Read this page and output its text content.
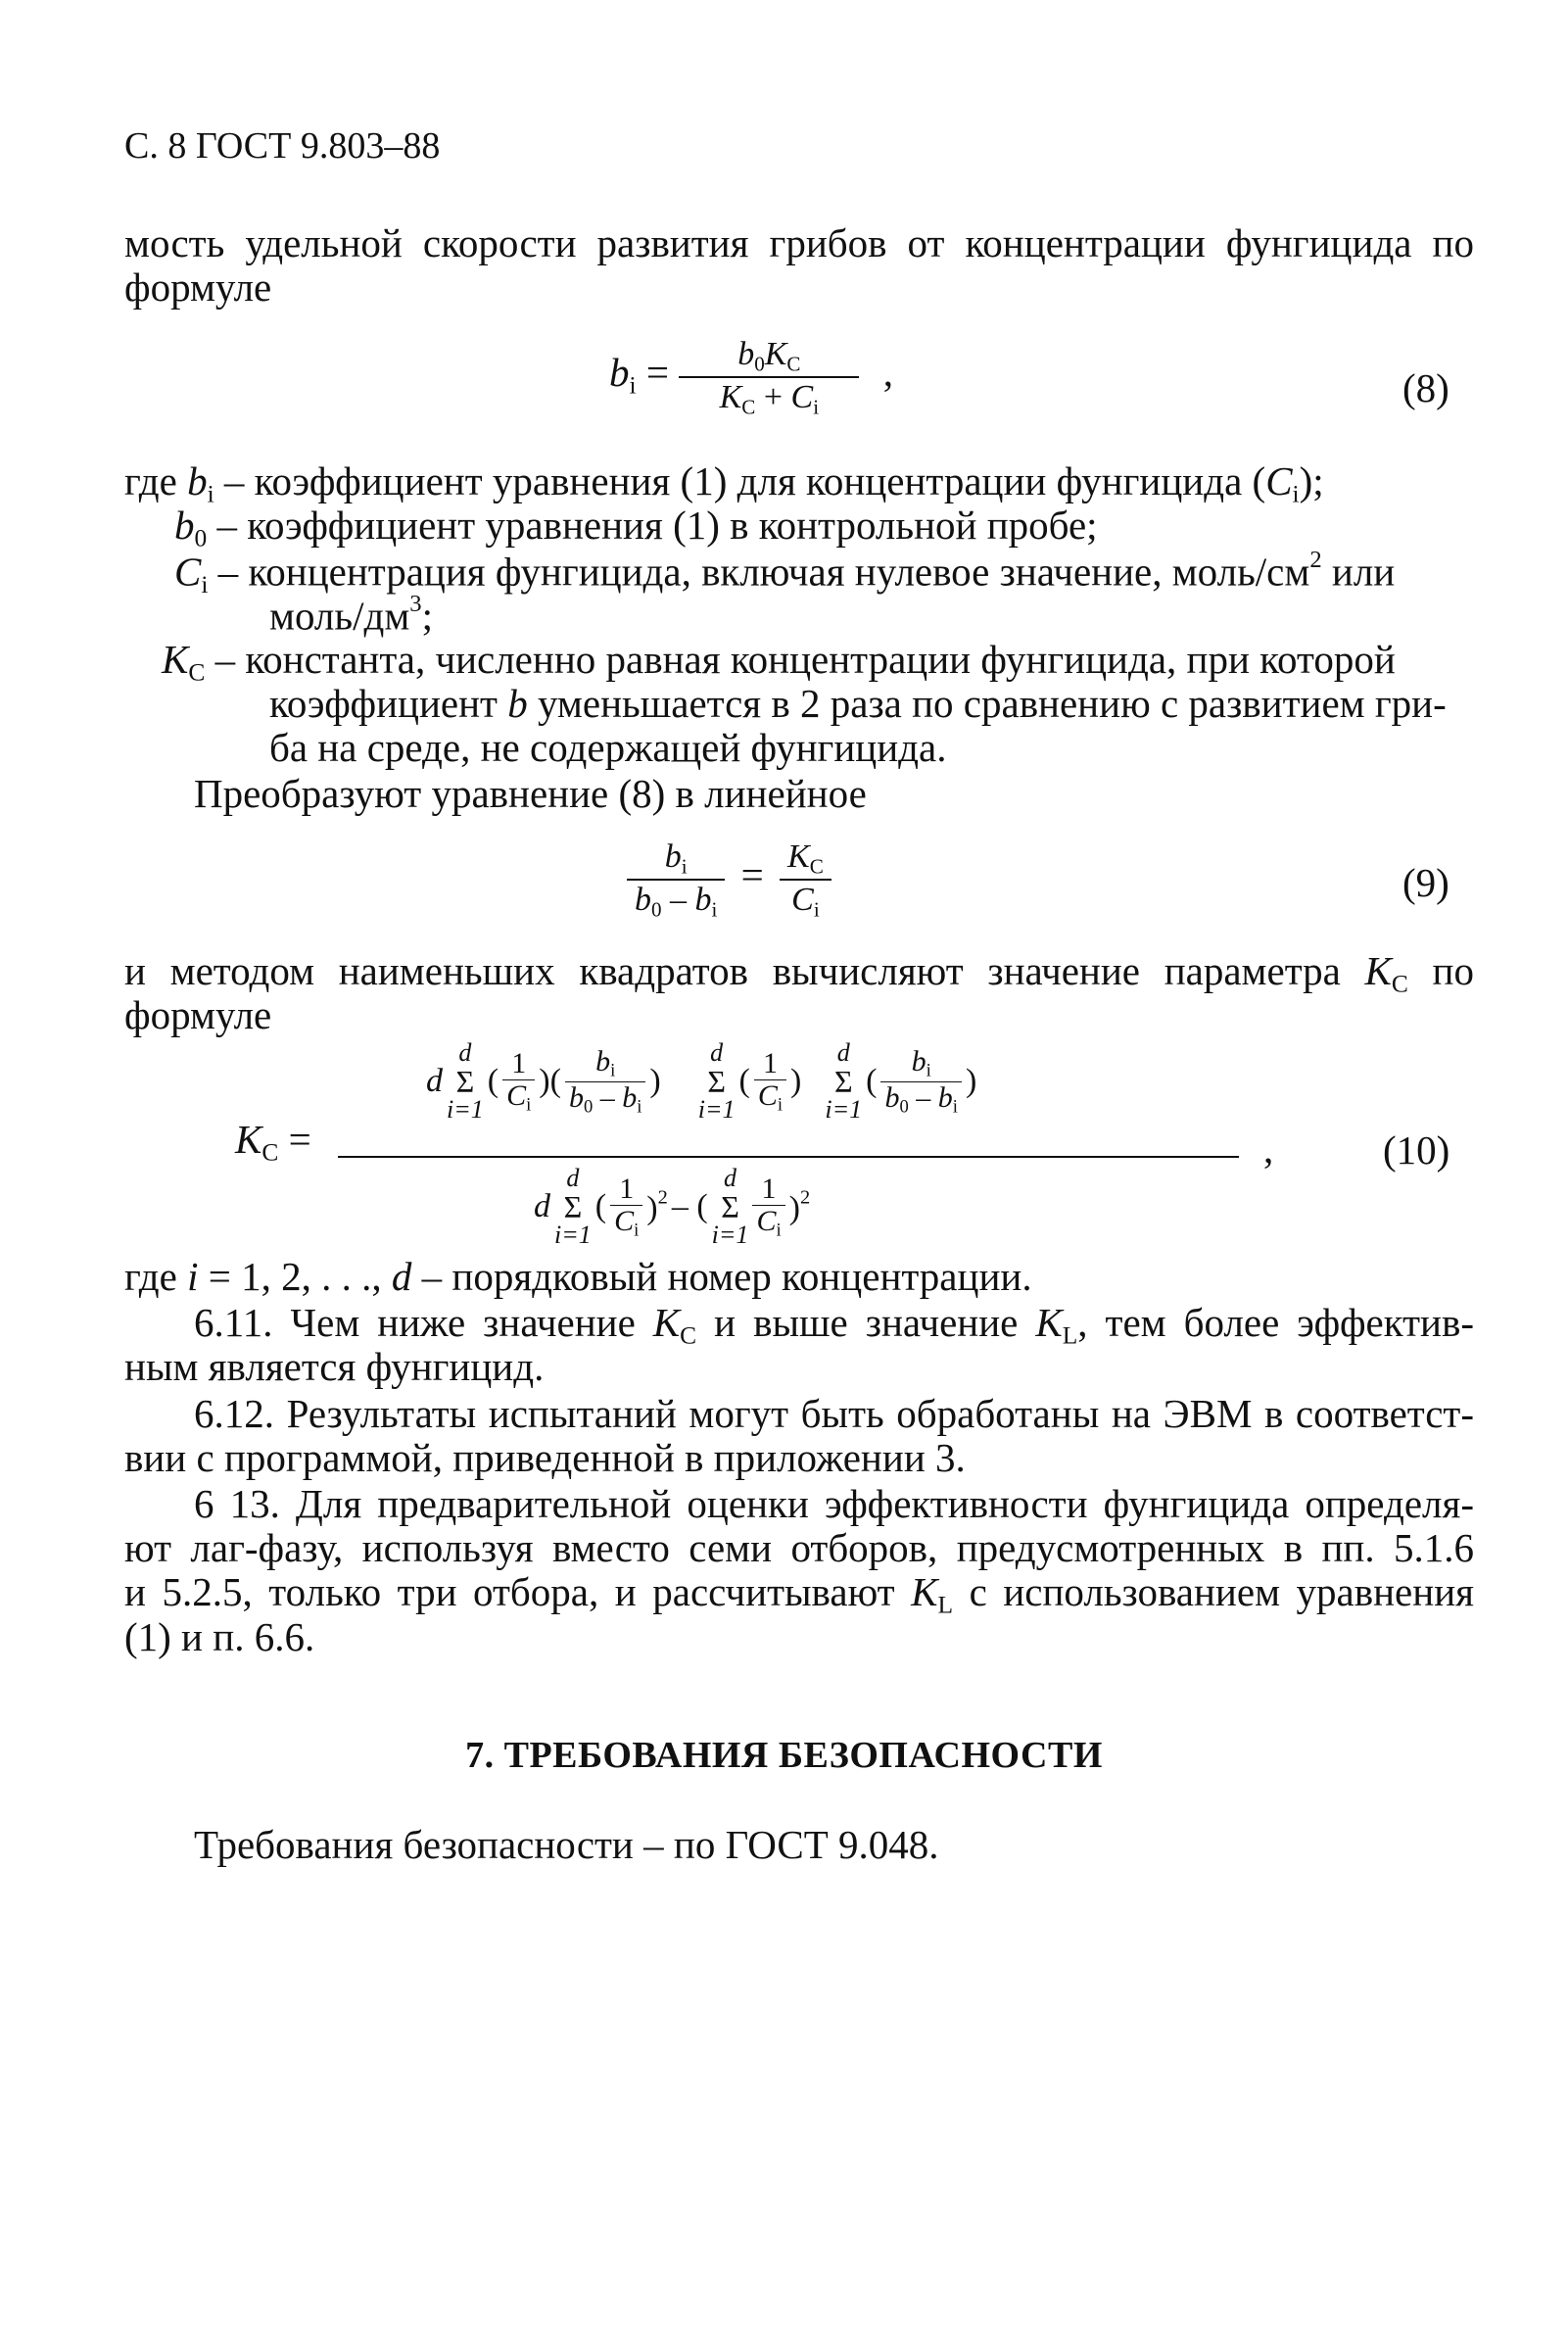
С. 8 ГОСТ 9.803–88
мость удельной скорости развития грибов от концентрации фунгицида по
формуле
$b_i = \frac{b_0K_C}{K_C + C_i}$ ,	(8)
где $b_i$ – коэффициент уравнения (1) для концентрации фунгицида $(C_i)$;
$b_0$ – коэффициент уравнения (1) в контрольной пробе;
$C_i$ – концентрация фунгицида, включая нулевое значение, моль/$см^2$ или
моль/$дм^3$;
$K_C$ – константа, численно равная концентрации фунгицида, при которой
коэффициент b уменьшается в 2 раза по сравнению с развитием гри-
ба на среде, не содержащей фунгицида.
Преобразуют уравнение (8) в линейное
$\frac{b_i}{b_0 - b_i} = \frac{K_C}{C_i}$	(9)
и методом наименьших квадратов вычисляют значение параметра $K_C$ по
формуле
$K_C$ =
d
d
Σ
i=1
( $\frac{1}{C_i}$ )( $\frac{b_i}{b_0 - b_i}$ )
d
Σ
i=1
( $\frac{1}{C_i}$ )
d
Σ
i=1
( $\frac{b_i}{b_0 - b_i}$ )
d
d
Σ
i=1
( $\frac{1}{C_i} )^2$ – (
d
Σ
i=1
$\frac{1}{C_i} )^2$
,	(10)
где i = 1, 2, . . ., d – порядковый номер концентрации.
6.11. Чем ниже значение $K_C$ и выше значение $K_L$, тем более эффектив-
ным является фунгицид.
6.12. Результаты испытаний могут быть обработаны на ЭВМ в соответст-
вии с программой, приведенной в приложении 3.
6 13. Для предварительной оценки эффективности фунгицида определя-
ют лаг-фазу, используя вместо семи отборов, предусмотренных в пп. 5.1.6
и 5.2.5, только три отбора, и рассчитывают $K_L$ с использованием уравнения
(1) и п. 6.6.
7. ТРЕБОВАНИЯ БЕЗОПАСНОСТИ
Требования безопасности – по ГОСТ 9.048.
